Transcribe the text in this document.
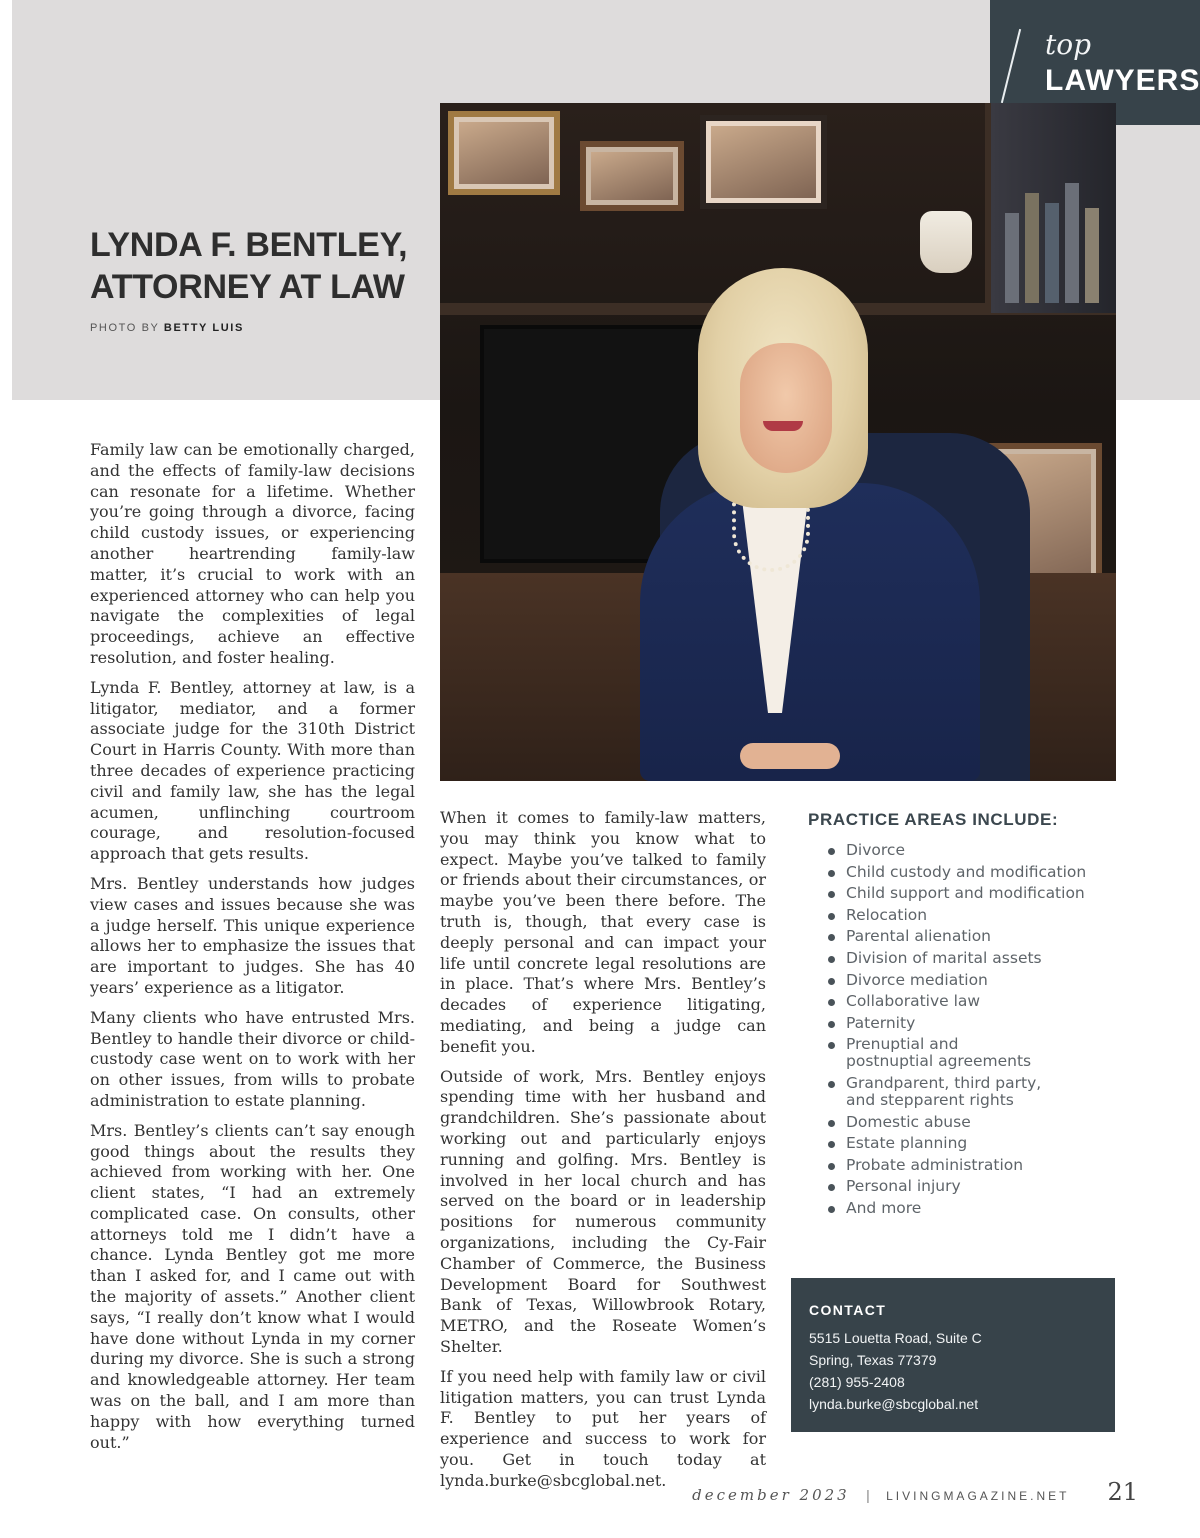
top
LAWYERS
LYNDA F. BENTLEY,
ATTORNEY AT LAW
PHOTO BY BETTY LUIS

Family law can be emotionally charged, and the effects of family-law decisions can resonate for a lifetime. Whether you’re going through a divorce, facing child custody issues, or experiencing another heartrending family-law matter, it’s crucial to work with an experienced attorney who can help you navigate the complexities of legal proceedings, achieve an effective resolution, and foster healing.

Lynda F. Bentley, attorney at law, is a litigator, mediator, and a former associate judge for the 310th District Court in Harris County. With more than three decades of experience practicing civil and family law, she has the legal acumen, unflinching courtroom courage, and resolution-focused approach that gets results.

Mrs. Bentley understands how judges view cases and issues because she was a judge herself. This unique experience allows her to emphasize the issues that are important to judges. She has 40 years’ experience as a litigator.

Many clients who have entrusted Mrs. Bentley to handle their divorce or child-custody case went on to work with her on other issues, from wills to probate administration to estate planning.

Mrs. Bentley’s clients can’t say enough good things about the results they achieved from working with her. One client states, “I had an extremely complicated case. On consults, other attorneys told me I didn’t have a chance. Lynda Bentley got me more than I asked for, and I came out with the majority of assets.” Another client says, “I really don’t know what I would have done without Lynda in my corner during my divorce. She is such a strong and knowledgeable attorney. Her team was on the ball, and I am more than happy with how everything turned out.”

When it comes to family-law matters, you may think you know what to expect. Maybe you’ve talked to family or friends about their circumstances, or maybe you’ve been there before. The truth is, though, that every case is deeply personal and can impact your life until concrete legal resolutions are in place. That’s where Mrs. Bentley’s decades of experience litigating, mediating, and being a judge can benefit you.

Outside of work, Mrs. Bentley enjoys spending time with her husband and grandchildren. She’s passionate about working out and particularly enjoys running and golfing. Mrs. Bentley is involved in her local church and has served on the board or in leadership positions for numerous community organizations, including the Cy-Fair Chamber of Commerce, the Business Development Board for Southwest Bank of Texas, Willowbrook Rotary, METRO, and the Roseate Women’s Shelter.

If you need help with family law or civil litigation matters, you can trust Lynda F. Bentley to put her years of experience and success to work for you. Get in touch today at lynda.burke@sbcglobal.net.

PRACTICE AREAS INCLUDE:
Divorce
Child custody and modification
Child support and modification
Relocation
Parental alienation
Division of marital assets
Divorce mediation
Collaborative law
Paternity
Prenuptial and postnuptial agreements
Grandparent, third party, and stepparent rights
Domestic abuse
Estate planning
Probate administration
Personal injury
And more
CONTACT
5515 Louetta Road, Suite C
Spring, Texas 77379
(281) 955-2408
lynda.burke@sbcglobal.net
december 2023 | LIVINGMAGAZINE.NET 21
